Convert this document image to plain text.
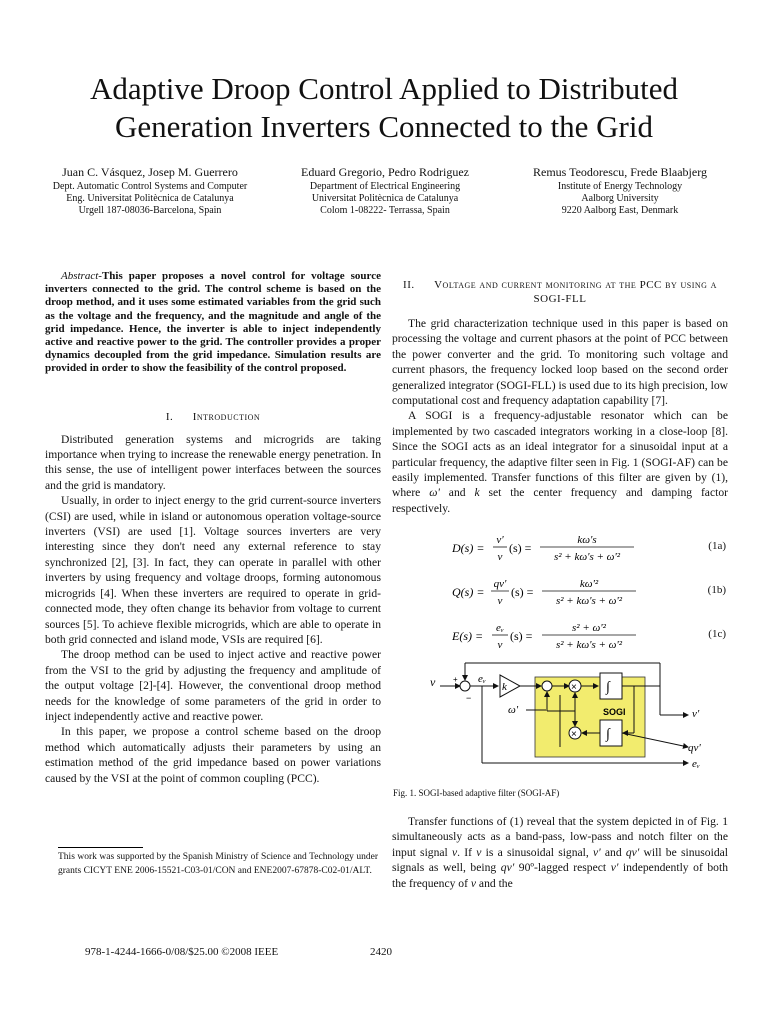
Adaptive Droop Control Applied to Distributed Generation Inverters Connected to the Grid
Juan C. Vásquez, Josep M. Guerrero
Dept. Automatic Control Systems and Computer
Eng. Universitat Politècnica de Catalunya
Urgell 187-08036-Barcelona, Spain
Eduard Gregorio, Pedro Rodriguez
Department of Electrical Engineering
Universitat Politècnica de Catalunya
Colom 1-08222- Terrassa, Spain
Remus Teodorescu, Frede Blaabjerg
Institute of Energy Technology
Aalborg University
9220 Aalborg East, Denmark

Abstract-This paper proposes a novel control for voltage source inverters connected to the grid. The control scheme is based on the droop method, and it uses some estimated variables from the grid such as the voltage and the frequency, and the magnitude and angle of the grid impedance. Hence, the inverter is able to inject independently active and reactive power to the grid. The controller provides a proper dynamics decoupled from the grid impedance. Simulation results are provided in order to show the feasibility of the control proposed.

I. Introduction

Distributed generation systems and microgrids are taking importance when trying to increase the renewable energy penetration. In this sense, the use of intelligent power interfaces between the sources and the grid is mandatory.

Usually, in order to inject energy to the grid current-source inverters (CSI) are used, while in island or autonomous operation voltage-source inverters (VSI) are used [1]. Voltage sources inverters are very interesting since they don't need any external reference to stay synchronized [2], [3]. In fact, they can operate in parallel with other inverters by using frequency and voltage droops, forming autonomous microgrids [4]. When these inverters are required to operate in grid-connected mode, they often change its behavior from voltage to current sources [5]. To achieve flexible microgrids, which are able to operate in both grid connected and island mode, VSIs are required [6].

The droop method can be used to inject active and reactive power from the VSI to the grid by adjusting the frequency and amplitude of the output voltage [2]-[4]. However, the conventional droop method needs for the knowledge of some parameters of the grid in order to inject independently active and reactive power.

In this paper, we propose a control scheme based on the droop method which automatically adjusts their parameters by using an estimation method of the grid impedance based on power variations caused by the VSI at the point of common coupling (PCC).

This work was supported by the Spanish Ministry of Science and Technology under grants CICYT ENE 2006-15521-C03-01/CON and ENE2007-67878-C02-01/ALT.
II. Voltage and current monitoring at the PCC by using a SOGI-FLL

The grid characterization technique used in this paper is based on processing the voltage and current phasors at the point of PCC between the power converter and the grid. To monitoring such voltage and current phasors, the frequency locked loop based on the second order generalized integrator (SOGI-FLL) is used due to its high precision, low computational cost and frequency adaptation capability [7].

A SOGI is a frequency-adjustable resonator which can be implemented by two cascaded integrators working in a close-loop [8]. Since the SOGI acts as an ideal integrator for a sinusoidal input at a particular frequency, the adaptive filter seen in Fig. 1 (SOGI-AF) can be easily implemented. Transfer functions of this filter are given by (1), where ω' and k set the center frequency and damping factor respectively.

D(s) =
v'
v
(s) =
kω's
s² + kω's + ω'²
(1a)
Q(s) =
qv'
v
(s) =
kω'²
s² + kω's + ω'²
(1b)
E(s) =
eᵥ
v
(s) =
s² + ω'²
s² + kω's + ω'²
(1c)
v +
−
eᵥ
k	× ∫
SOGI
∫
×
v'
qv'
ω'
eᵥ
Fig. 1. SOGI-based adaptive filter (SOGI-AF)

Transfer functions of (1) reveal that the system depicted in of Fig. 1 simultaneously acts as a band-pass, low-pass and notch filter on the input signal v. If v is a sinusoidal signal, v' and qv' will be sinusoidal signals as well, being qv' 90º-lagged respect v' independently of both the frequency of v and the

978-1-4244-1666-0/08/$25.00 ©2008 IEEE	2420
